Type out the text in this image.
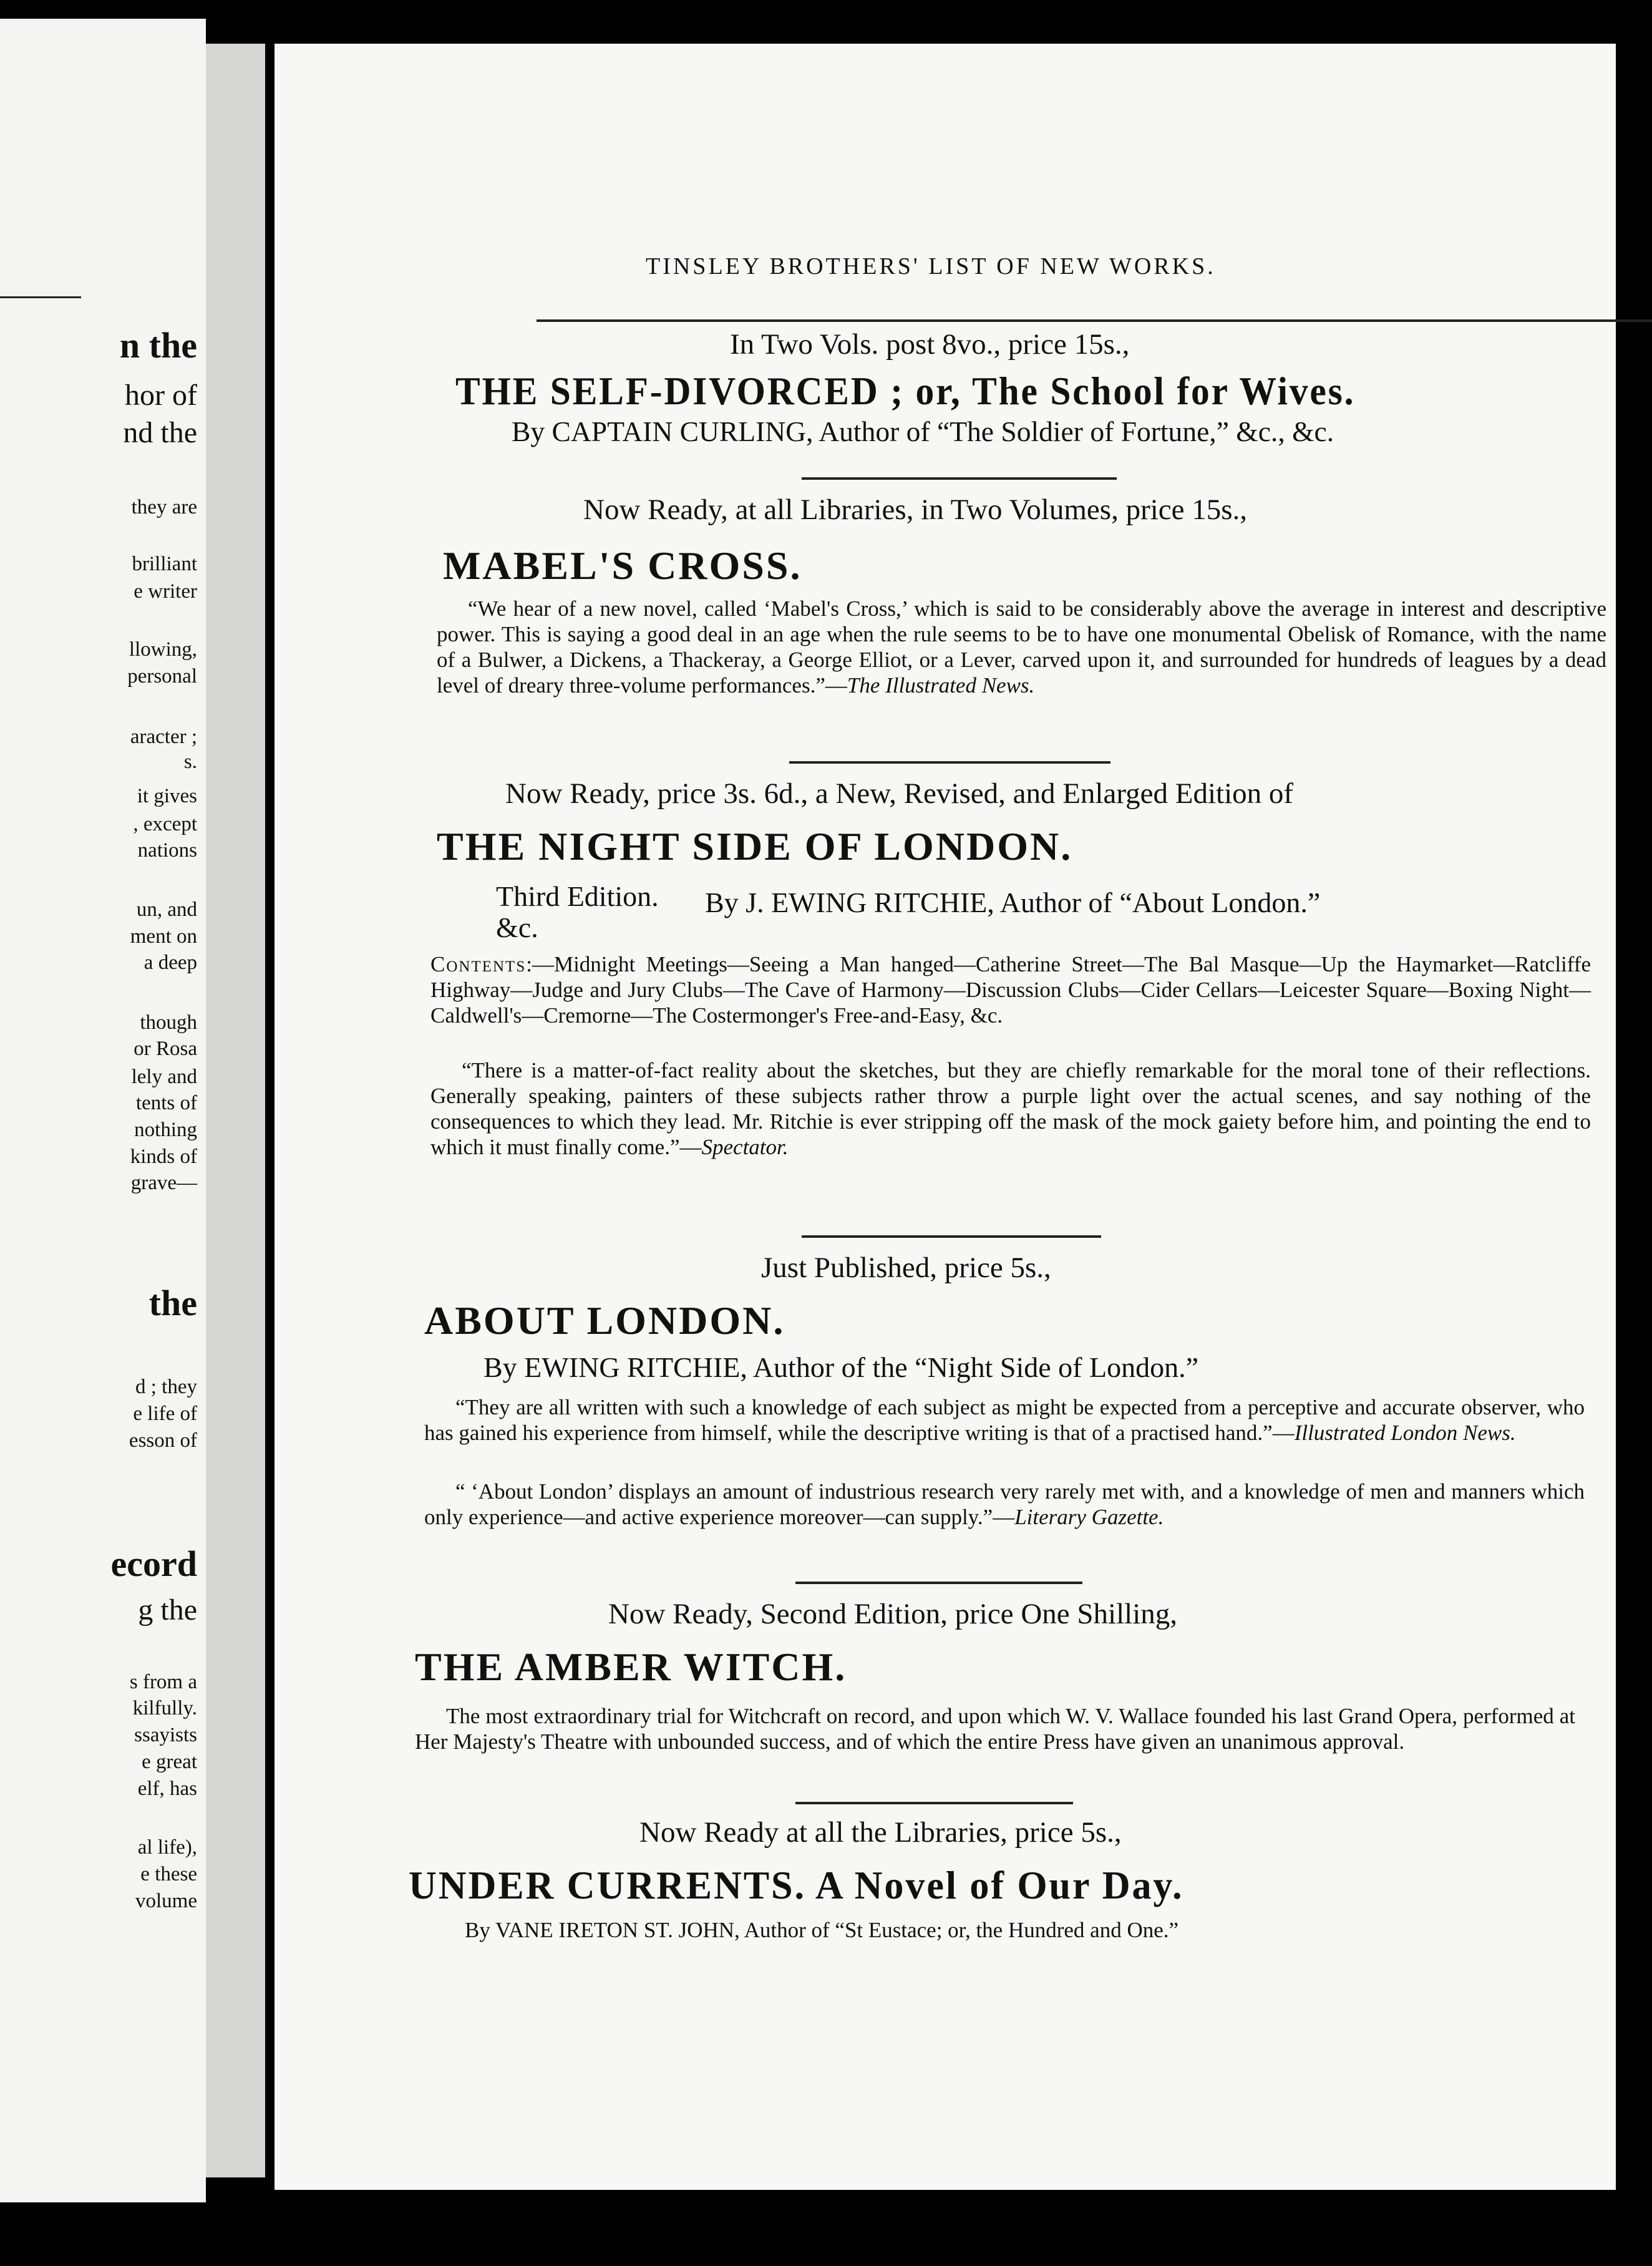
n the
hor of
nd the
they are
brilliant
e writer
llowing,
personal
aracter ;
s.
it gives
, except
nations
un, and
ment on
a deep
though
or Rosa
lely and
tents of
nothing
kinds of
grave—
the
d ; they
e life of
esson of
ecord
g the
s from a
kilfully.
ssayists
e great
elf, has
al life),
e these
volume
TINSLEY BROTHERS' LIST OF NEW WORKS.
In Two Vols. post 8vo., price 15s.,
THE SELF-DIVORCED ; or, The School for Wives.
By CAPTAIN CURLING, Author of “The Soldier of Fortune,” &c., &c.
Now Ready, at all Libraries, in Two Volumes, price 15s.,
MABEL'S CROSS.
“We hear of a new novel, called ‘Mabel's Cross,’ which is said to be considerably above the average in interest and descriptive power. This is saying a good deal in an age when the rule seems to be to have one monumental Obelisk of Romance, with the name of a Bulwer, a Dickens, a Thackeray, a George Elliot, or a Lever, carved upon it, and surrounded for hundreds of leagues by a dead level of dreary three-volume performances.”—The Illustrated News.
Now Ready, price 3s. 6d., a New, Revised, and Enlarged Edition of
THE NIGHT SIDE OF LONDON.
Third Edition. By J. EWING RITCHIE, Author of “About London.”
&c.
Contents:—Midnight Meetings—Seeing a Man hanged—Catherine Street—The Bal Masque—Up the Haymarket—Ratcliffe Highway—Judge and Jury Clubs—The Cave of Harmony—Discussion Clubs—Cider Cellars—Leicester Square—Boxing Night—Caldwell's—Cremorne—The Costermonger's Free-and-Easy, &c.
“There is a matter-of-fact reality about the sketches, but they are chiefly remarkable for the moral tone of their reflections. Generally speaking, painters of these subjects rather throw a purple light over the actual scenes, and say nothing of the consequences to which they lead. Mr. Ritchie is ever stripping off the mask of the mock gaiety before him, and pointing the end to which it must finally come.”—Spectator.
Just Published, price 5s.,
ABOUT LONDON.
By EWING RITCHIE, Author of the “Night Side of London.”
“They are all written with such a knowledge of each subject as might be expected from a perceptive and accurate observer, who has gained his experience from himself, while the descriptive writing is that of a practised hand.”—Illustrated London News.
“ ‘About London’ displays an amount of industrious research very rarely met with, and a knowledge of men and manners which only experience—and active experience moreover—can supply.”—Literary Gazette.
Now Ready, Second Edition, price One Shilling,
THE AMBER WITCH.
The most extraordinary trial for Witchcraft on record, and upon which W. V. Wallace founded his last Grand Opera, performed at Her Majesty's Theatre with unbounded success, and of which the entire Press have given an unanimous approval.
Now Ready at all the Libraries, price 5s.,
UNDER CURRENTS. A Novel of Our Day.
By VANE IRETON ST. JOHN, Author of “St Eustace; or, the Hundred and One.”
